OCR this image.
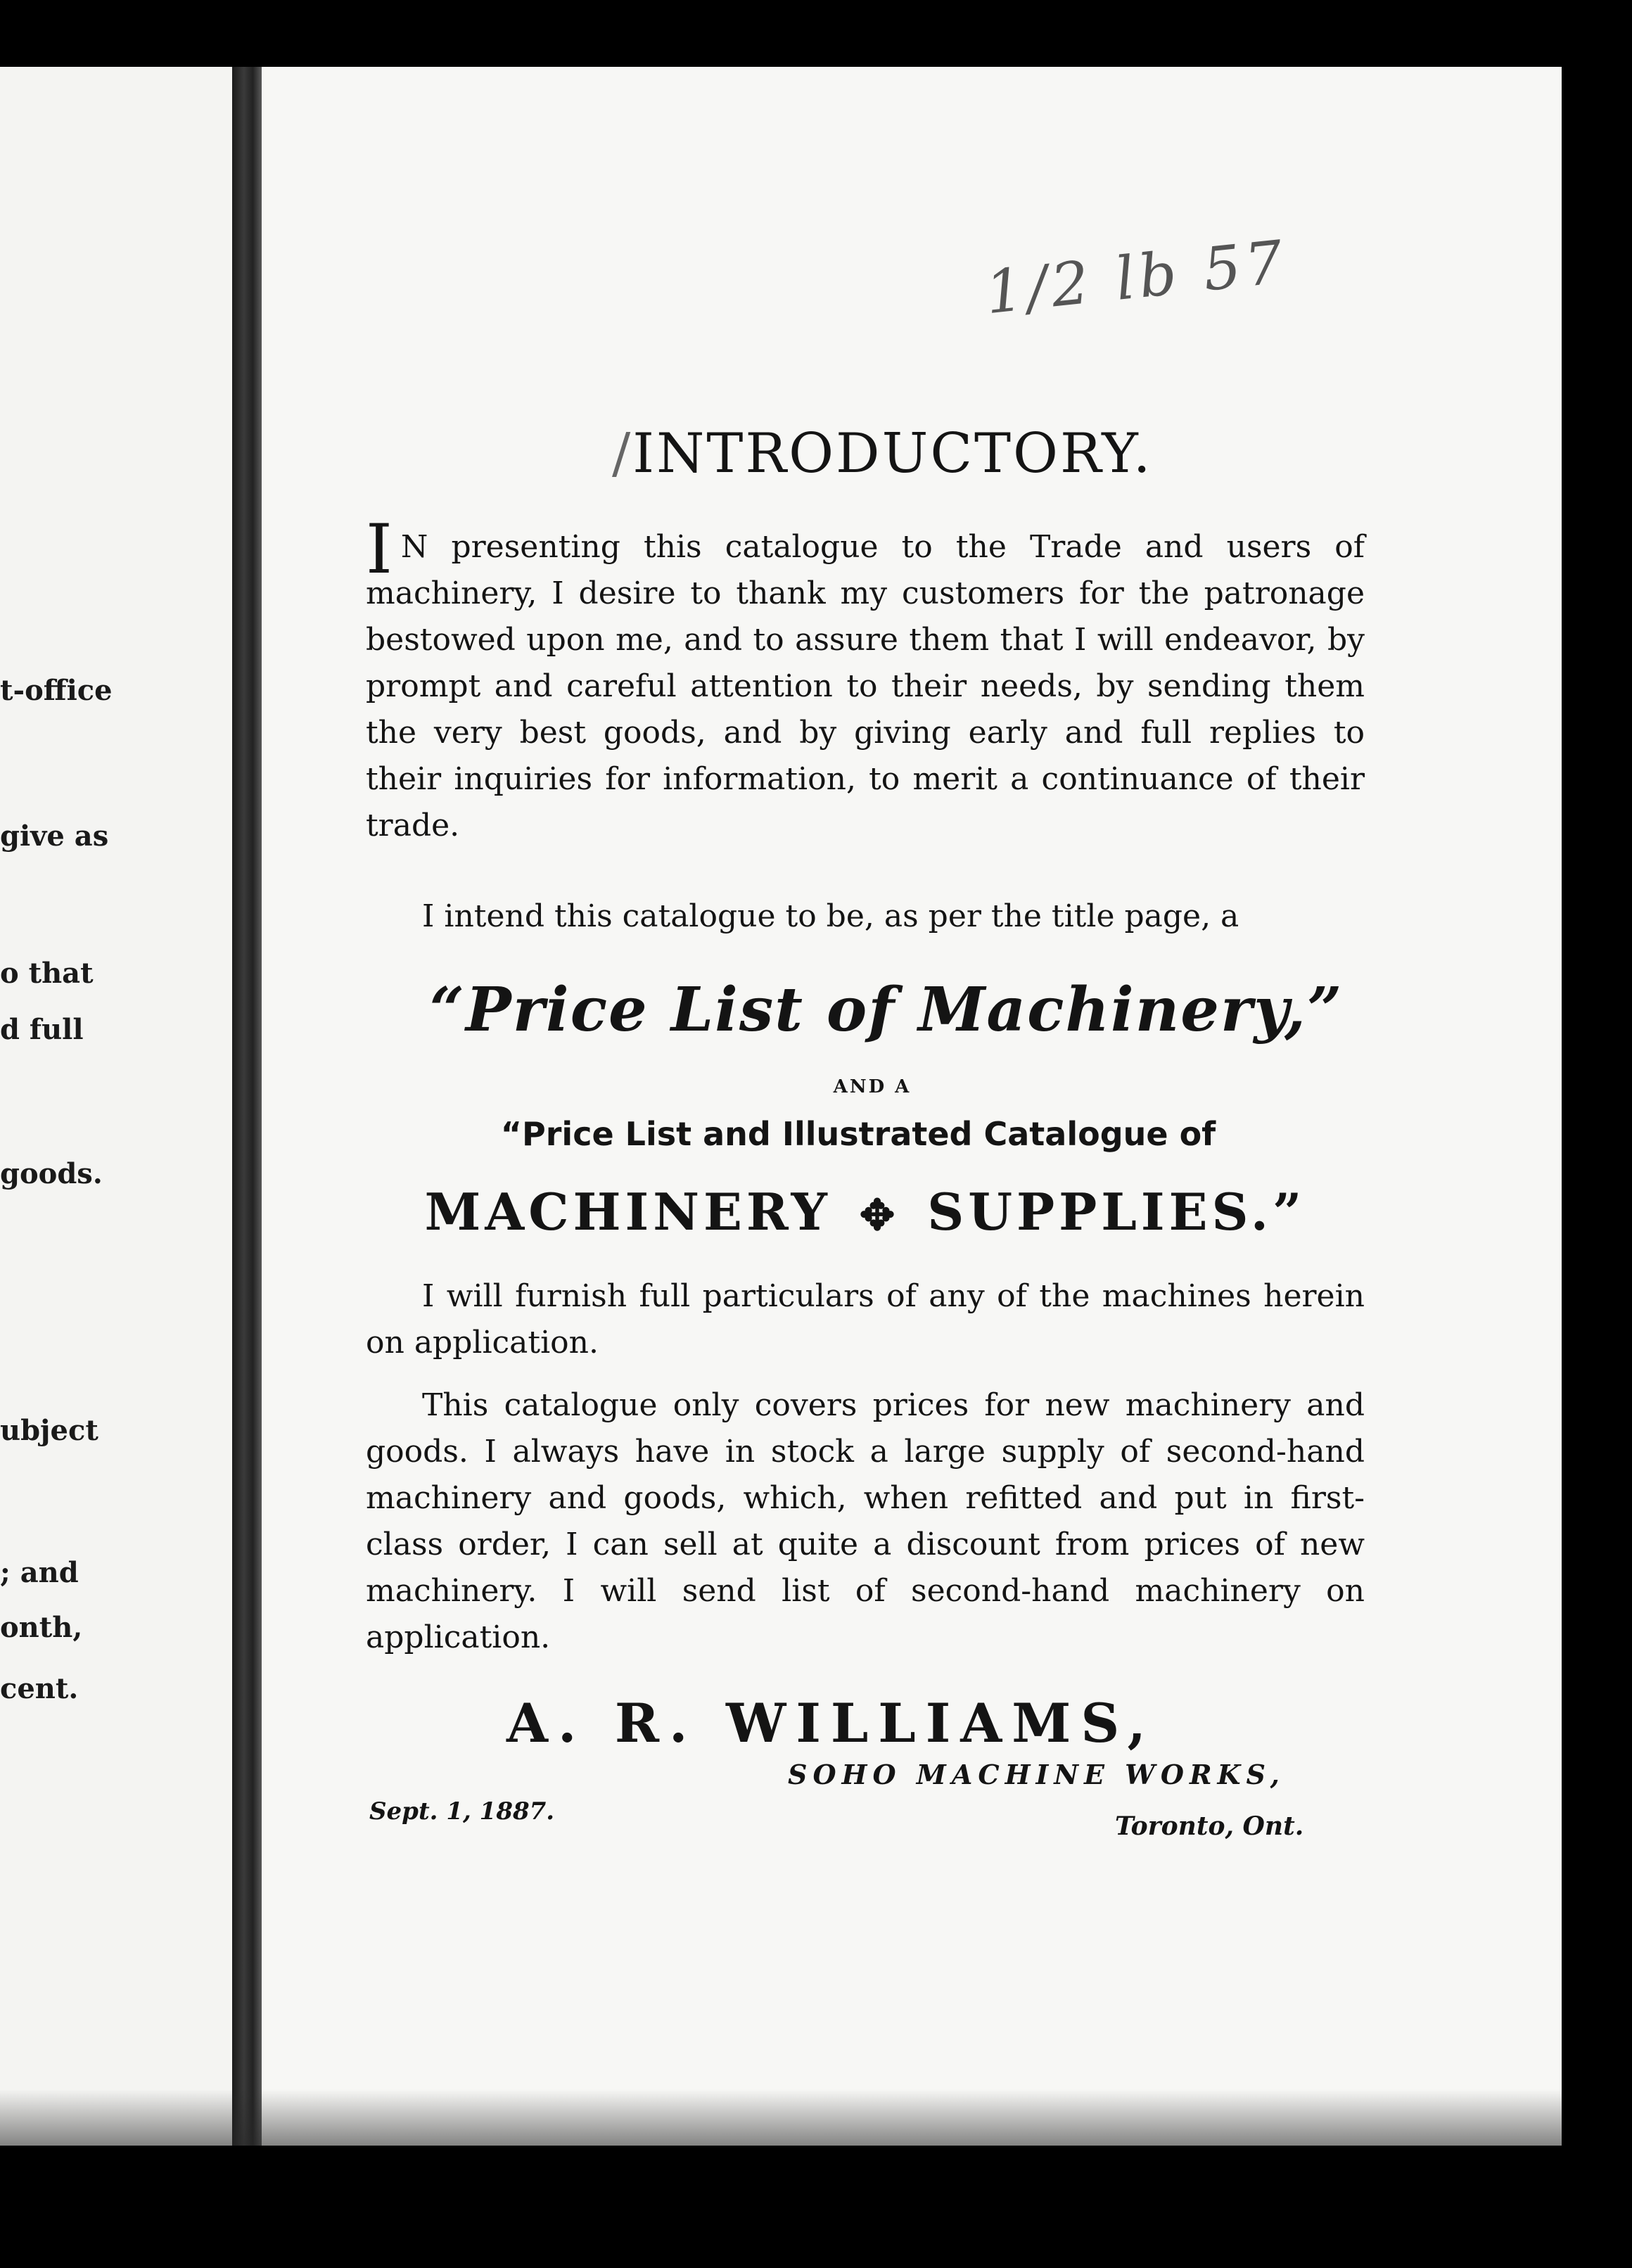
t-office
give as
o that
d full
goods.
ubject
; and
onth,
cent.
1/2 lb 57
/INTRODUCTORY.

I N presenting this catalogue to the Trade and users of machinery, I desire to thank my customers for the patronage bestowed upon me, and to assure them that I will endeavor, by prompt and careful attention to their needs, by sending them the very best goods, and by giving early and full replies to their inquiries for information, to merit a continuance of their trade.

I intend this catalogue to be, as per the title page, a

“Price List of Machinery,”
AND A
“Price List and Illustrated Catalogue of
MACHINERY ✥ SUPPLIES.”

I will furnish full particulars of any of the machines herein on application.

This catalogue only covers prices for new machinery and goods. I always have in stock a large supply of second-hand machinery and goods, which, when refitted and put in first-class order, I can sell at quite a discount from prices of new machinery. I will send list of second-hand machinery on application.

A. R. WILLIAMS,
SOHO MACHINE WORKS,
Sept. 1, 1887.	Toronto, Ont.
